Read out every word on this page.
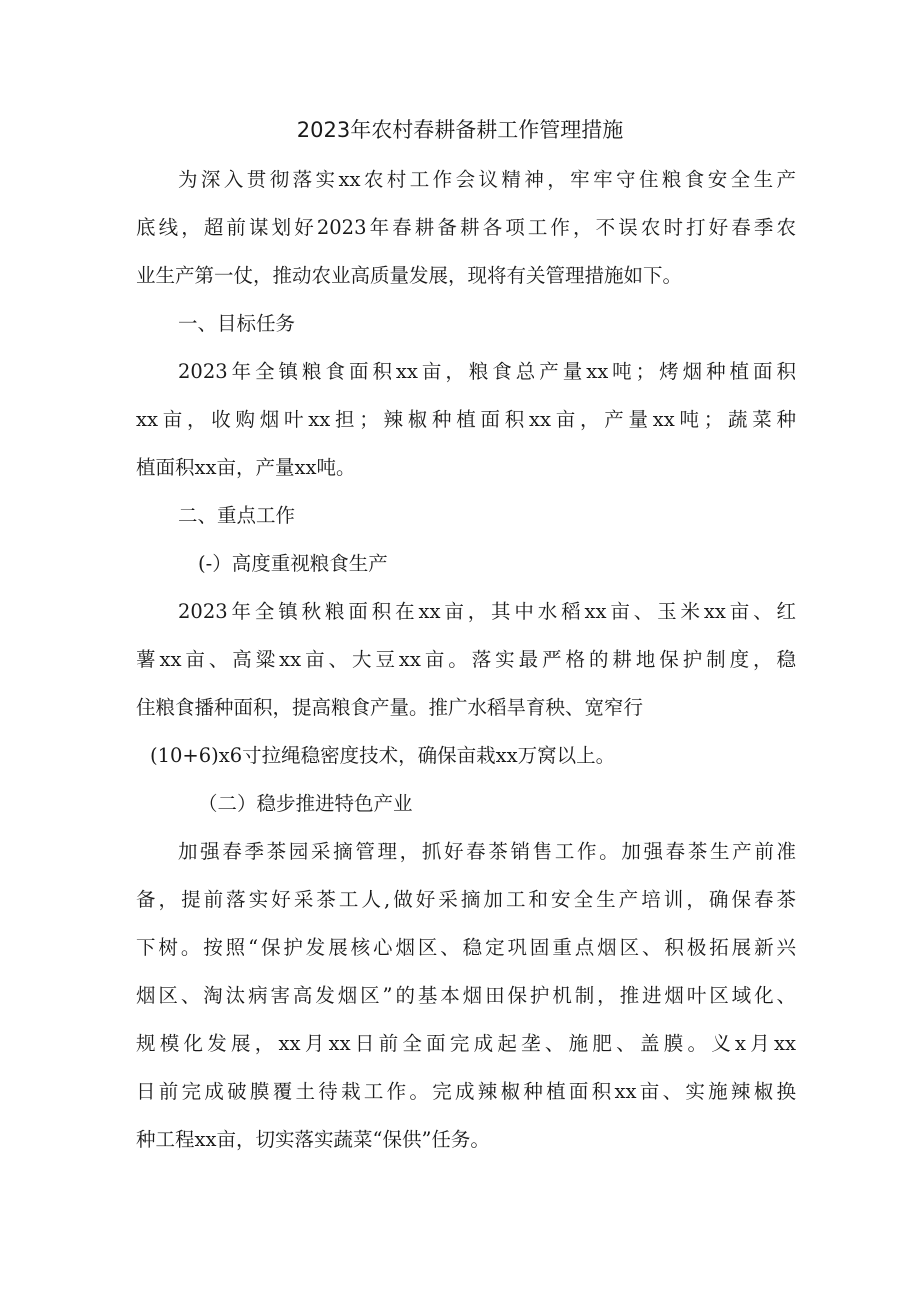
2023年农村春耕备耕工作管理措施
为深入贯彻落实xx农村工作会议精神，牢牢守住粮食安全生产
底线，超前谋划好2023年春耕备耕各项工作，不误农时打好春季农
业生产第一仗，推动农业高质量发展，现将有关管理措施如下。
一、目标任务
2023年全镇粮食面积xx亩，粮食总产量xx吨；烤烟种植面积
xx亩，收购烟叶xx担；辣椒种植面积xx亩，产量xx吨；蔬菜种
植面积xx亩，产量xx吨。
二、重点工作
(-）高度重视粮食生产
2023年全镇秋粮面积在xx亩，其中水稻xx亩、玉米xx亩、红
薯xx亩、高粱xx亩、大豆xx亩。落实最严格的耕地保护制度，稳
住粮食播种面积，提高粮食产量。推广水稻旱育秧、宽窄行
(10+6)x6寸拉绳稳密度技术，确保亩栽xx万窝以上。
（二）稳步推进特色产业
加强春季茶园采摘管理，抓好春茶销售工作。加强春茶生产前准
备，提前落实好采茶工人,做好采摘加工和安全生产培训，确保春茶
下树。按照“保护发展核心烟区、稳定巩固重点烟区、积极拓展新兴
烟区、淘汰病害高发烟区”的基本烟田保护机制，推进烟叶区域化、
规模化发展，xx月xx日前全面完成起垄、施肥、盖膜。义x月xx
日前完成破膜覆土待栽工作。完成辣椒种植面积xx亩、实施辣椒换
种工程xx亩，切实落实蔬菜“保供”任务。
